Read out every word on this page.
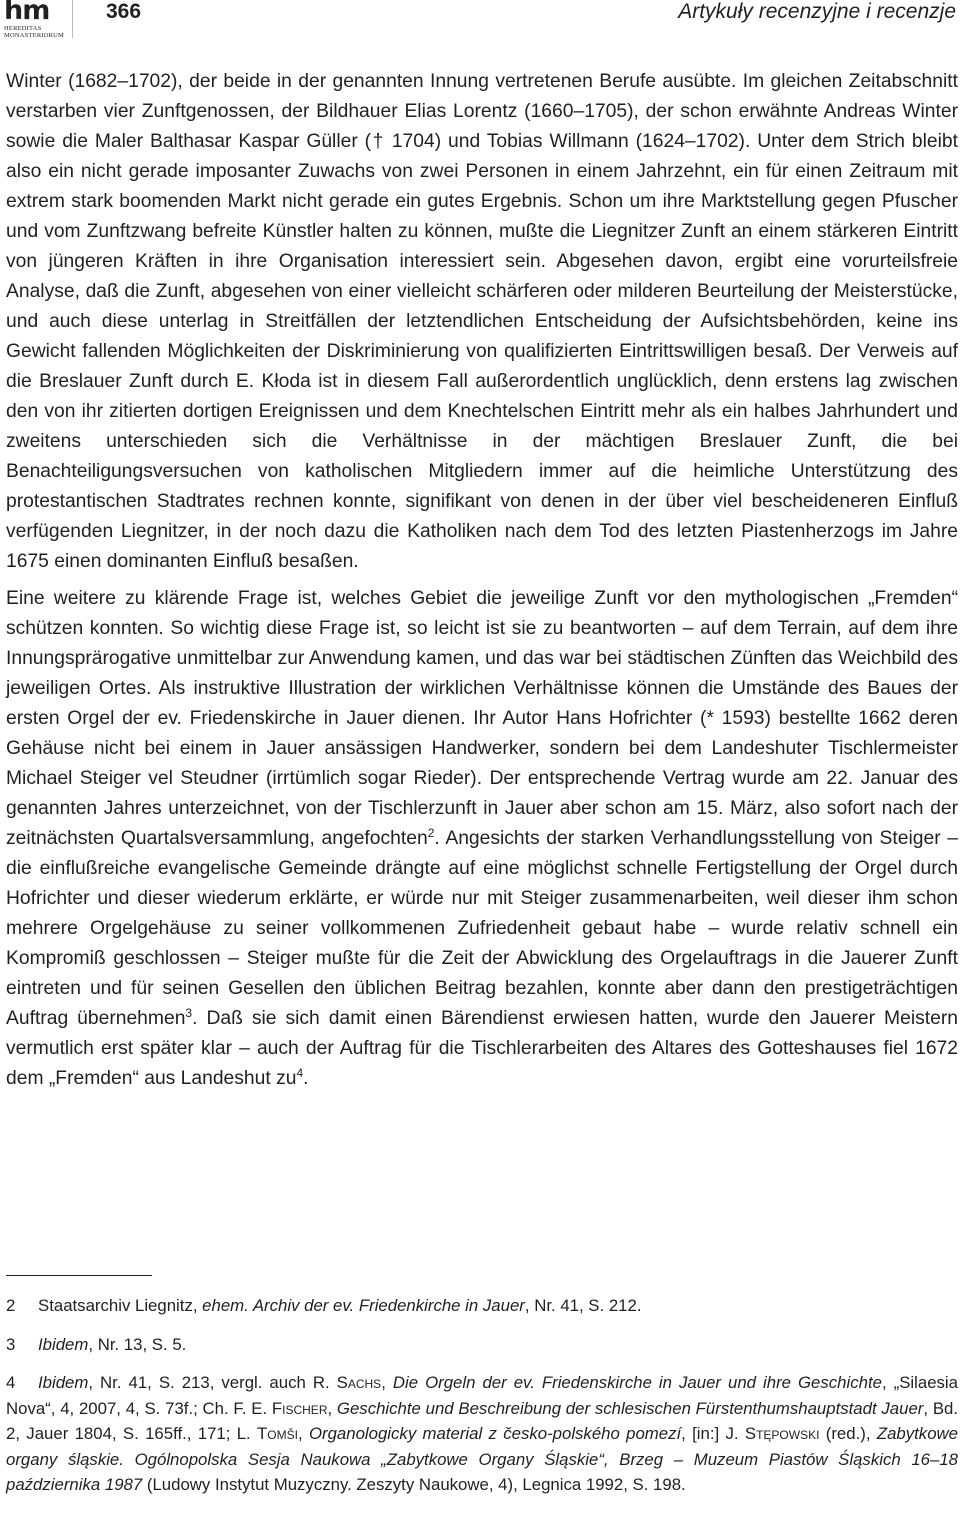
hm
HEREDITAS
MONASTERIORUM
366	Artykuły recenzyjne i recenzje

Winter (1682–1702), der beide in der genannten Innung vertretenen Berufe ausübte. Im gleichen Zeitabschnitt verstarben vier Zunftgenossen, der Bildhauer Elias Lorentz (1660–1705), der schon erwähnte Andreas Winter sowie die Maler Balthasar Kaspar Güller († 1704) und Tobias Willmann (1624–1702). Unter dem Strich bleibt also ein nicht gerade imposanter Zuwachs von zwei Personen in einem Jahrzehnt, ein für einen Zeitraum mit extrem stark boomenden Markt nicht gerade ein gutes Ergebnis. Schon um ihre Marktstellung gegen Pfuscher und vom Zunftzwang befreite Künstler halten zu können, mußte die Liegnitzer Zunft an einem stärkeren Eintritt von jüngeren Kräften in ihre Organisation interessiert sein. Abgesehen davon, ergibt eine vorurteilsfreie Analyse, daß die Zunft, abgesehen von einer vielleicht schärferen oder milderen Beurteilung der Meisterstücke, und auch diese unterlag in Streitfällen der letztendlichen Entscheidung der Aufsichtsbehörden, keine ins Gewicht fallenden Möglichkeiten der Diskriminierung von qualifizierten Eintrittswilligen besaß. Der Verweis auf die Breslauer Zunft durch E. Kłoda ist in diesem Fall außerordentlich unglücklich, denn erstens lag zwischen den von ihr zitierten dortigen Ereignissen und dem Knechtelschen Eintritt mehr als ein halbes Jahrhundert und zweitens unterschieden sich die Verhältnisse in der mächtigen Breslauer Zunft, die bei Benachteiligungsversuchen von katholischen Mitgliedern immer auf die heimliche Unterstützung des protestantischen Stadtrates rechnen konnte, signifikant von denen in der über viel bescheideneren Einfluß verfügenden Liegnitzer, in der noch dazu die Katholiken nach dem Tod des letzten Piastenherzogs im Jahre 1675 einen dominanten Einfluß besaßen.

Eine weitere zu klärende Frage ist, welches Gebiet die jeweilige Zunft vor den mythologischen „Fremden“ schützen konnten. So wichtig diese Frage ist, so leicht ist sie zu beantworten – auf dem Terrain, auf dem ihre Innungsprärogative unmittelbar zur Anwendung kamen, und das war bei städtischen Zünften das Weichbild des jeweiligen Ortes. Als instruktive Illustration der wirklichen Verhältnisse können die Umstände des Baues der ersten Orgel der ev. Friedenskirche in Jauer dienen. Ihr Autor Hans Hofrichter (* 1593) bestellte 1662 deren Gehäuse nicht bei einem in Jauer ansässigen Handwerker, sondern bei dem Landeshuter Tischlermeister Michael Steiger vel Steudner (irrtümlich sogar Rieder). Der entsprechende Vertrag wurde am 22. Januar des genannten Jahres unterzeichnet, von der Tischlerzunft in Jauer aber schon am 15. März, also sofort nach der zeitnächsten Quartalsversammlung, angefochten$^2$. Angesichts der starken Verhandlungsstellung von Steiger – die einflußreiche evangelische Gemeinde drängte auf eine möglichst schnelle Fertigstellung der Orgel durch Hofrichter und dieser wiederum erklärte, er würde nur mit Steiger zusammenarbeiten, weil dieser ihm schon mehrere Orgelgehäuse zu seiner vollkommenen Zufriedenheit gebaut habe – wurde relativ schnell ein Kompromiß geschlossen – Steiger mußte für die Zeit der Abwicklung des Orgelauftrags in die Jauerer Zunft eintreten und für seinen Gesellen den üblichen Beitrag bezahlen, konnte aber dann den prestigeträchtigen Auftrag übernehmen$^3$. Daß sie sich damit einen Bärendienst erwiesen hatten, wurde den Jauerer Meistern vermutlich erst später klar – auch der Auftrag für die Tischlerarbeiten des Altares des Gotteshauses fiel 1672 dem „Fremden“ aus Landeshut $zu^4$.

2 Staatsarchiv Liegnitz, ehem. Archiv der ev. Friedenkirche in Jauer, Nr. 41, S. 212.

3 Ibidem, Nr. 13, S. 5.

4 Ibidem, Nr. 41, S. 213, vergl. auch R. Sachs, Die Orgeln der ev. Friedenskirche in Jauer und ihre Geschichte, „Silaesia Nova“, 4, 2007, 4, S. 73f.; Ch. F. E. Fischer, Geschichte und Beschreibung der schlesischen Fürstenthumshauptstadt Jauer, Bd. 2, Jauer 1804, S. 165ff., 171; L. Tomši, Organologicky material z česko-polského pomezí, [in:] J. Stępowski (red.), Zabytkowe organy śląskie. Ogólnopolska Sesja Naukowa „Zabytkowe Organy Śląskie“, Brzeg – Muzeum Piastów Śląskich 16–18 października 1987 (Ludowy Instytut Muzyczny. Zeszyty Naukowe, 4), Legnica 1992, S. 198.
